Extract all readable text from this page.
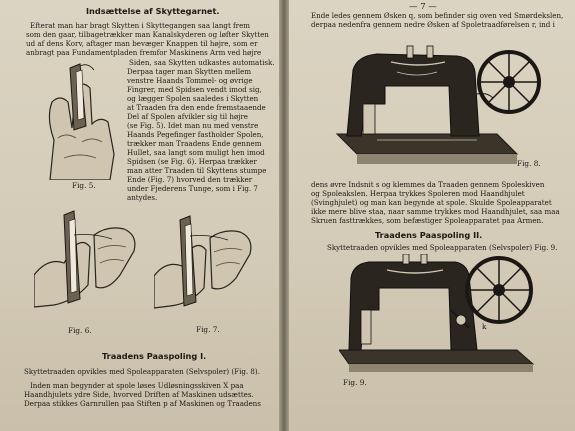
Indsættelse af Skyttegarnet.
Efterat man har bragt Skytten i Skyttegangen saa langt frem
som den gaar, tilbagetrækker man Kanalskyderen og løfter Skytten
ud af dens Korv, aftager man bevæger Knappen til højre, som er
anbragt paa Fundamentpladen fremfor Maskinens Arm ved højre
Siden, saa Skytten udkastes automatisk.
Derpaa tager man Skytten mellem
venstre Haands Tommel- og øvrige
Fingrer, med Spidsen vendt imod sig,
og lægger Spolen saaledes i Skytten
at Traaden fra den ende fremstaaende
Del af Spolen afvikler sig til højre
(se Fig. 5). Idet man nu med venstre
Haands Pegefinger fastholder Spolen,
trækker man Traadens Ende gennem
Hullet, saa langt som muligt hen imod
Spidsen (se Fig. 6). Herpaa trækker
man atter Traaden til Skyttens stumpe
Ende (Fig. 7) hvorved den trækker
under Fjederens Tunge, som i Fig. 7
antydes.
Fig. 5.
Fig. 6.	Fig. 7.
Traadens Paaspoling I.
Skyttetraaden opvikles med Spoleapparaten (Selvspoler) (Fig. 8).
Inden man begynder at spole løses Udløsningsskiven X paa
Haandhjulets ydre Side, hvorved Driften af Maskinen udsættes.
Derpaa stikkes Garnrullen paa Stiften p af Maskinen og Traadens
— 7 —
Ende ledes gennem Øsken q, som befinder sig oven ved Smørdekslen,
derpaa nedenfra gennem nedre Øsken af Spoletraadførelsen r, ind i
Fig. 8.
dens øvre Indsnit s og klemmes da Traaden gennem Spoleskiven
og Spoleakslen. Herpaa trykkes Spoleren mod Haandhjulet
(Svinghjulet) og man kan begynde at spole. Skulde Spoleapparatet
ikke mere blive staa, naar samme trykkes mod Haandhjulet, saa maa
Skruen fasttrækkes, som befæstiger Spoleapparatet paa Armen.
Traadens Paaspoling II.
Skyttetraaden opvikles med Spoleapparaten (Selvspoler) Fig. 9.
k
Fig. 9.
